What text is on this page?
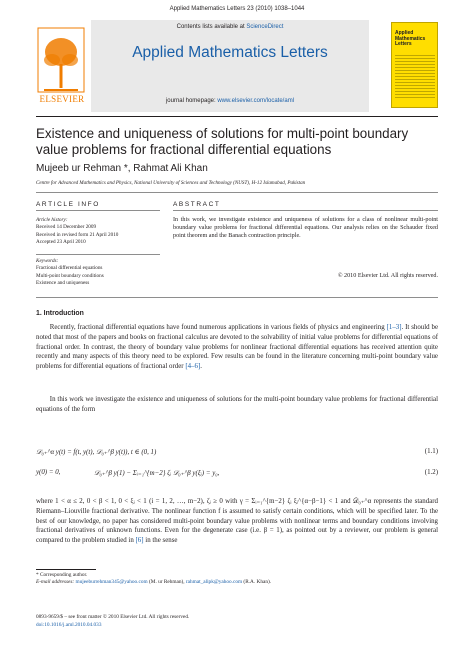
Applied Mathematics Letters 23 (2010) 1038–1044
ELSEVIER
Contents lists available at ScienceDirect
Applied Mathematics Letters
journal homepage: www.elsevier.com/locate/aml
Applied Mathematics Letters
Existence and uniqueness of solutions for multi-point boundary value problems for fractional differential equations
Mujeeb ur Rehman *, Rahmat Ali Khan
Centre for Advanced Mathematics and Physics, National University of Sciences and Technology (NUST), H-12 Islamabad, Pakistan
ARTICLE INFO	ABSTRACT
Article history:
Received 14 December 2009
Received in revised form 21 April 2010
Accepted 23 April 2010
Keywords:
Fractional differential equations
Multi-point boundary conditions
Existence and uniqueness
In this work, we investigate existence and uniqueness of solutions for a class of nonlinear multi-point boundary value problems for fractional differential equations. Our analysis relies on the Schauder fixed point theorem and the Banach contraction principle.
© 2010 Elsevier Ltd. All rights reserved.
1. Introduction
  Recently, fractional differential equations have found numerous applications in various fields of physics and engineering [1–3]. It should be noted that most of the papers and books on fractional calculus are devoted to the solvability of initial value problems for differential equations of fractional order. In contrast, the theory of boundary value problems for nonlinear fractional differential equations has received attention quite recently and many aspects of this theory need to be explored. Few results can be found in the literature concerning multi-point boundary value problems for differential equations of fractional order [4–6].
  In this work we investigate the existence and uniqueness of solutions for the multi-point boundary value problems for fractional differential equations of the form
𝒟₀₊^α y(t) = f(t, y(t), 𝒟₀₊^β y(t)), t ∈ (0, 1)	(1.1)
y(0) = 0,	𝒟₀₊^β y(1) − Σᵢ₌₁^{m−2} ζᵢ 𝒟₀₊^β y(ξᵢ) = y₀,	(1.2)
where 1 < α ≤ 2, 0 < β < 1, 0 < ξᵢ < 1 (i = 1, 2, …, m−2), ζᵢ ≥ 0 with γ = Σᵢ₌₁^{m−2} ζᵢ ξᵢ^{α−β−1} < 1 and 𝒟₀₊^α represents the standard Riemann–Liouville fractional derivative. The nonlinear function f is assumed to satisfy certain conditions, which will be specified later. To the best of our knowledge, no paper has considered multi-point boundary value problems with nonlinear terms and boundary conditions involving fractional derivatives of unknown functions. Even for the degenerate case (i.e. β = 1), as pointed out by a reviewer, our problem is general compared to the problem studied in [6] in the sense
* Corresponding author.
E-mail addresses: mujeeburrehman345@yahoo.com (M. ur Rehman), rahmat_alipk@yahoo.com (R.A. Khan).
0893-9659/$ – see front matter © 2010 Elsevier Ltd. All rights reserved.
doi:10.1016/j.aml.2010.04.033
